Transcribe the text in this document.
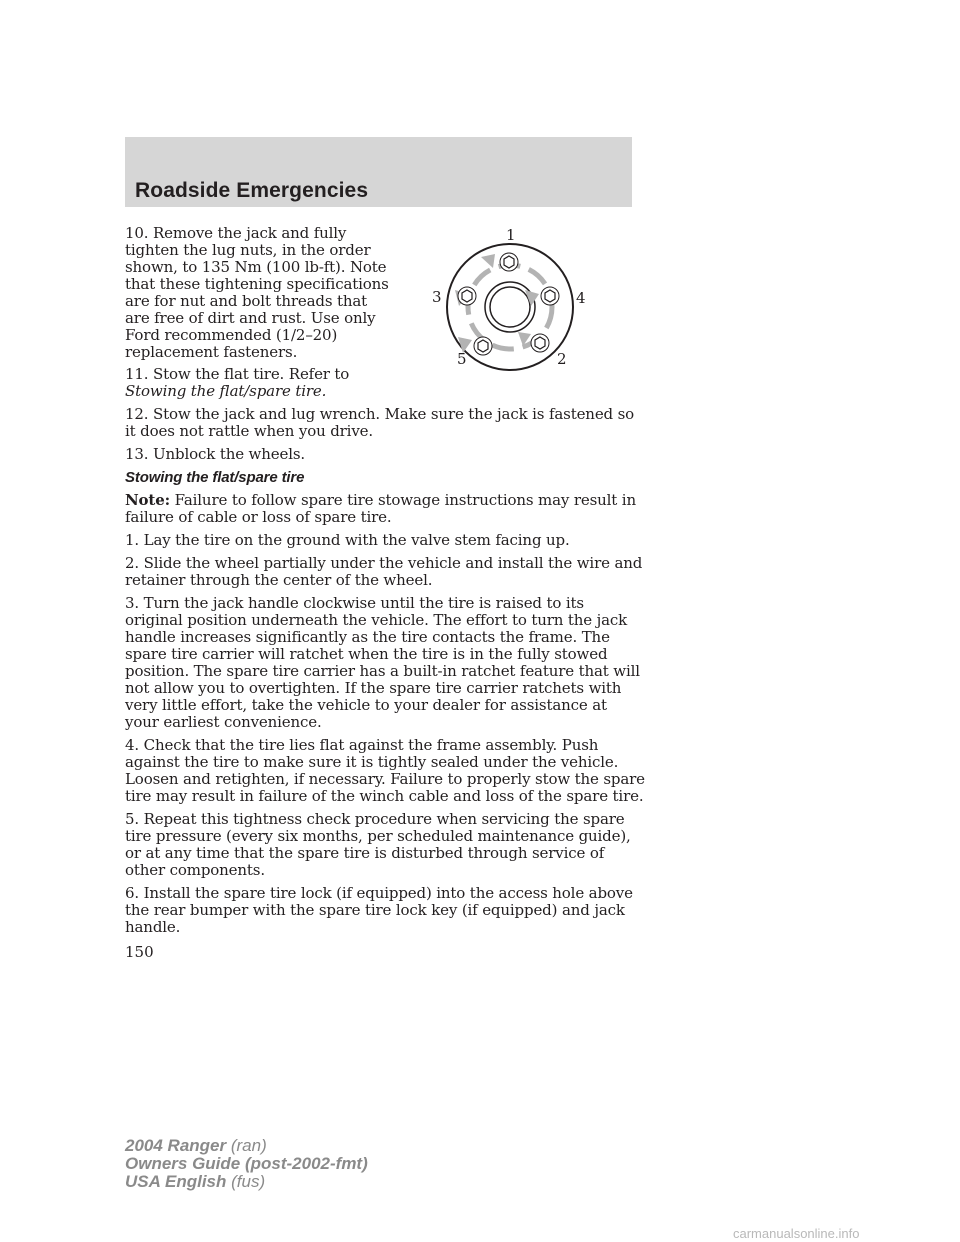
Roadside Emergencies

10. Remove the jack and fully tighten the lug nuts, in the order shown, to 135 Nm (100 lb-ft). Note that these tightening specifications are for nut and bolt threads that are free of dirt and rust. Use only Ford recommended (1/2–20) replacement fasteners.

11. Stow the flat tire. Refer to
Stowing the flat/spare tire.

12. Stow the jack and lug wrench. Make sure the jack is fastened so it does not rattle when you drive.

13. Unblock the wheels.

Stowing the flat/spare tire

Note: Failure to follow spare tire stowage instructions may result in failure of cable or loss of spare tire.

1. Lay the tire on the ground with the valve stem facing up.

2. Slide the wheel partially under the vehicle and install the wire and retainer through the center of the wheel.

3. Turn the jack handle clockwise until the tire is raised to its original position underneath the vehicle. The effort to turn the jack handle increases significantly as the tire contacts the frame. The spare tire carrier will ratchet when the tire is in the fully stowed position. The spare tire carrier has a built-in ratchet feature that will not allow you to overtighten. If the spare tire carrier ratchets with very little effort, take the vehicle to your dealer for assistance at your earliest convenience.

4. Check that the tire lies flat against the frame assembly. Push against the tire to make sure it is tightly sealed under the vehicle. Loosen and retighten, if necessary. Failure to properly stow the spare tire may result in failure of the winch cable and loss of the spare tire.

5. Repeat this tightness check procedure when servicing the spare tire pressure (every six months, per scheduled maintenance guide), or at any time that the spare tire is disturbed through service of other components.

6. Install the spare tire lock (if equipped) into the access hole above the rear bumper with the spare tire lock key (if equipped) and jack handle.

1
2
3	4
5
150
2004 Ranger (ran)
Owners Guide (post-2002-fmt)
USA English (fus)
carmanualsonline.info
